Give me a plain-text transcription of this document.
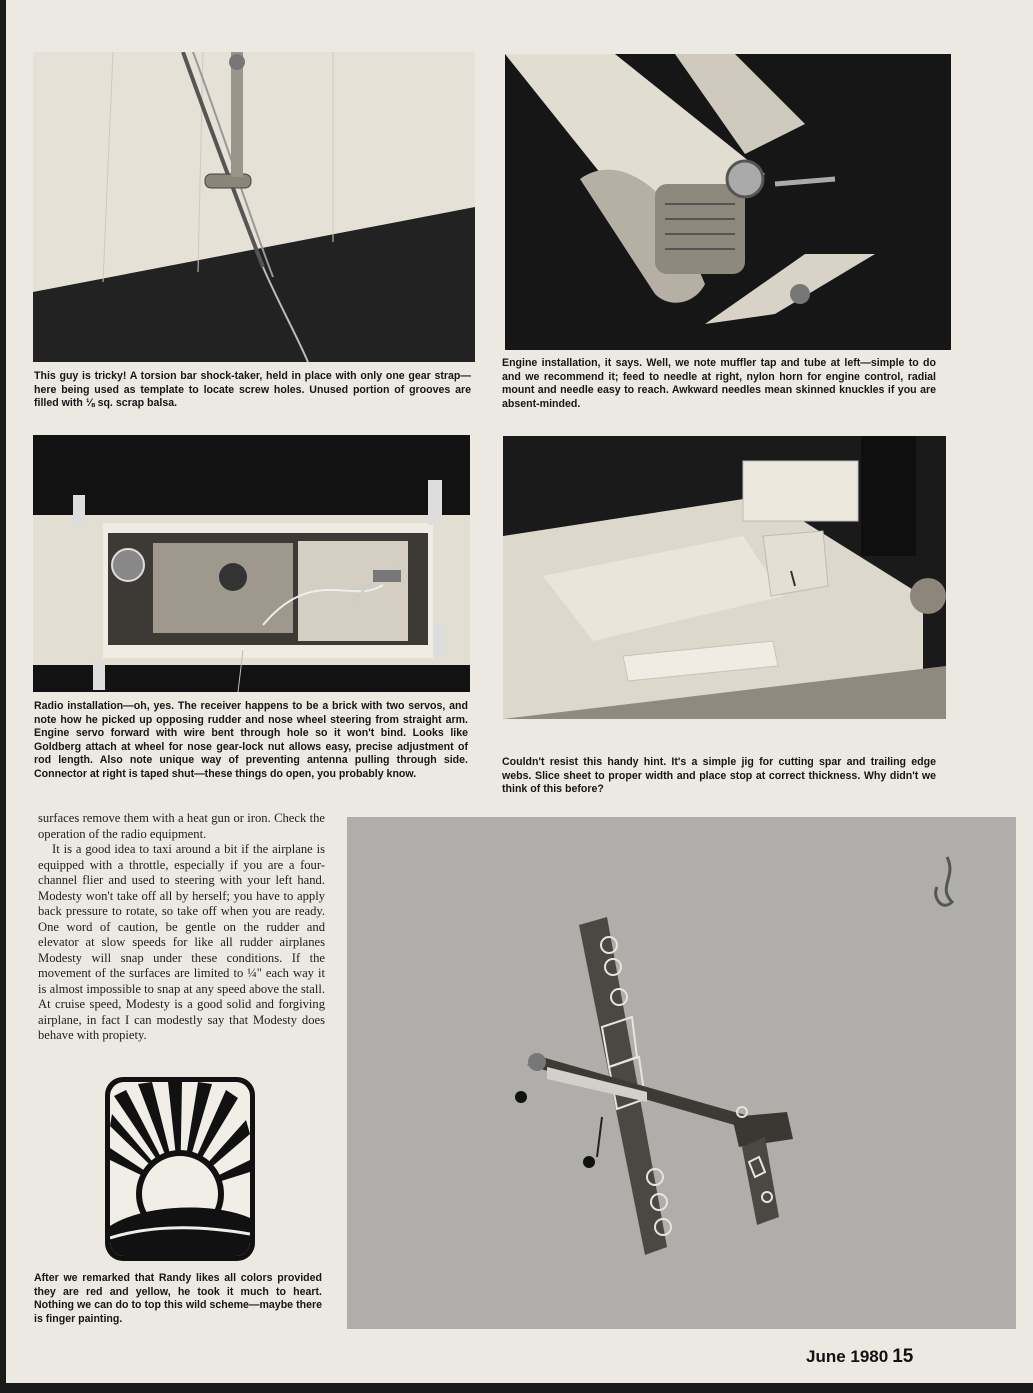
This guy is tricky! A torsion bar shock-taker, held in place with only one gear strap—here being used as template to locate screw holes. Unused portion of grooves are filled with ⅛ sq. scrap balsa.
Engine installation, it says. Well, we note muffler tap and tube at left—simple to do and we recommend it; feed to needle at right, nylon horn for engine control, radial mount and needle easy to reach. Awkward needles mean skinned knuckles if you are absent-minded.
Radio installation—oh, yes. The receiver happens to be a brick with two servos, and note how he picked up opposing rudder and nose wheel steering from straight arm. Engine servo forward with wire bent through hole so it won't bind. Looks like Goldberg attach at wheel for nose gear-lock nut allows easy, precise adjustment of rod length. Also note unique way of preventing antenna pulling through side. Connector at right is taped shut—these things do open, you probably know.
Couldn't resist this handy hint. It's a simple jig for cutting spar and trailing edge webs. Slice sheet to proper width and place stop at correct thickness. Why didn't we think of this before?

surfaces remove them with a heat gun or iron. Check the operation of the radio equipment.

It is a good idea to taxi around a bit if the airplane is equipped with a throttle, especially if you are a four-channel flier and used to steering with your left hand. Modesty won't take off all by herself; you have to apply back pressure to rotate, so take off when you are ready. One word of caution, be gentle on the rudder and elevator at slow speeds for like all rudder airplanes Modesty will snap under these conditions. If the movement of the surfaces are limited to ¼" each way it is almost impossible to snap at any speed above the stall. At cruise speed, Modesty is a good solid and forgiving airplane, in fact I can modestly say that Modesty does behave with propiety.

After we remarked that Randy likes all colors provided they are red and yellow, he took it much to heart. Nothing we can do to top this wild scheme—maybe there is finger painting.
June 1980 15
